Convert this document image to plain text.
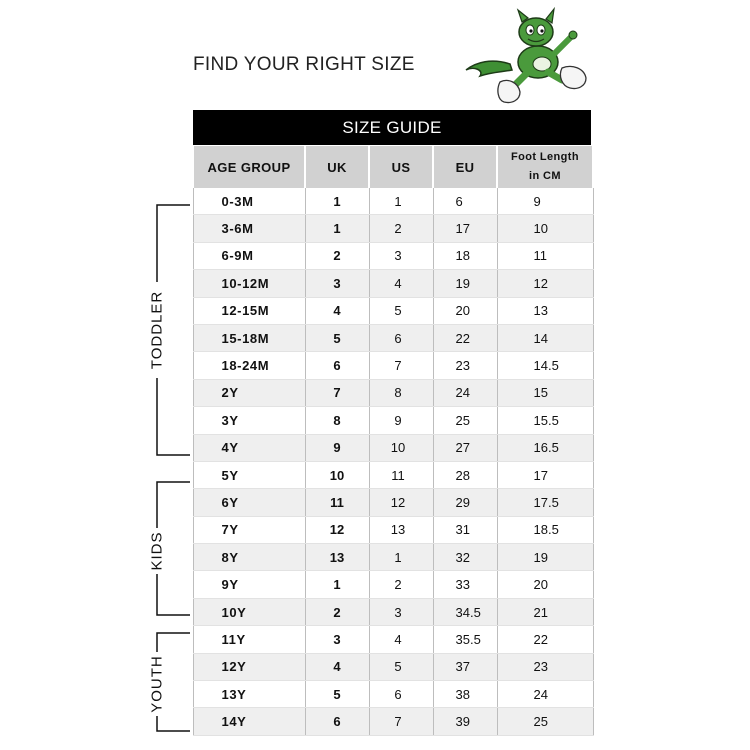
FIND YOUR RIGHT SIZE
SIZE GUIDE
AGE GROUP	UK	US	EU	Foot Length
in CM
0-3M	1	1	6	9
3-6M	1	2	17	10
6-9M	2	3	18	11
10-12M	3	4	19	12
12-15M	4	5	20	13
15-18M	5	6	22	14
18-24M	6	7	23	14.5
2Y	7	8	24	15
3Y	8	9	25	15.5
4Y	9	10	27	16.5
5Y	10	11	28	17
6Y	11	12	29	17.5
7Y	12	13	31	18.5
8Y	13	1	32	19
9Y	1	2	33	20
10Y	2	3	34.5	21
11Y	3	4	35.5	22
12Y	4	5	37	23
13Y	5	6	38	24
14Y	6	7	39	25
TODDLER
KIDS
YOUTH
